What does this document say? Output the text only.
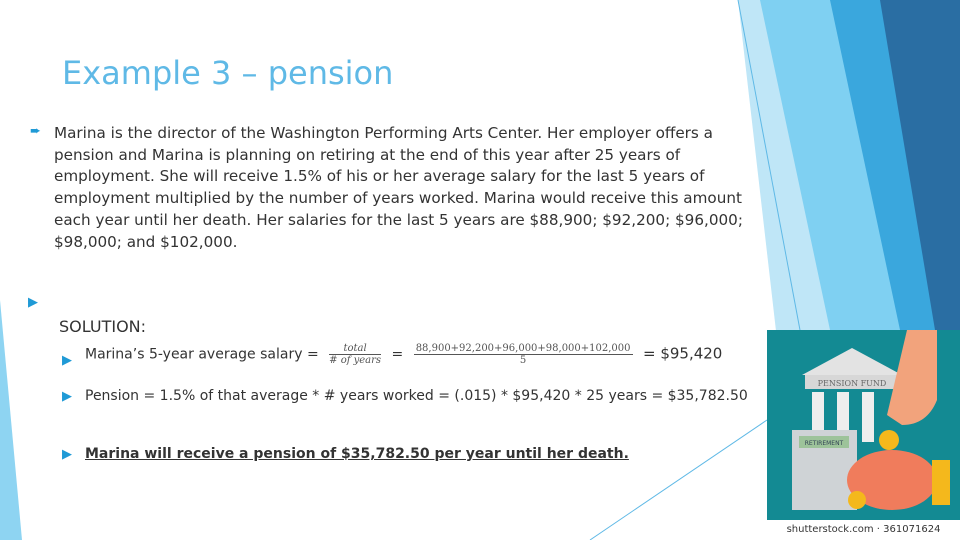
Example 3 – pension
➨ Marina is the director of the Washington Performing Arts Center. Her employer offers a pension and Marina is planning on retiring at the end of this year after 25 years of employment. She will receive 1.5% of his or her average salary for the last 5 years of employment multiplied by the number of years worked. Marina would receive this amount each year until her death. Her salaries for the last 5 years are $88,900; $92,200; $96,000; $98,000; and $102,000.
▶
SOLUTION:
▶ Marina’s 5-year average salary = $\frac{\text{total}}{\text{\# of years}} = \frac{88,900+92,200+96,000+98,000+102,000}{5}$ = $95,420
▶ Pension = 1.5% of that average * # years worked = (.015) * $95,420 * 25 years = $35,782.50
▶ Marina will receive a pension of $35,782.50 per year until her death.
PENSION FUND
RETIREMENT
shutterstock.com · 361071624
